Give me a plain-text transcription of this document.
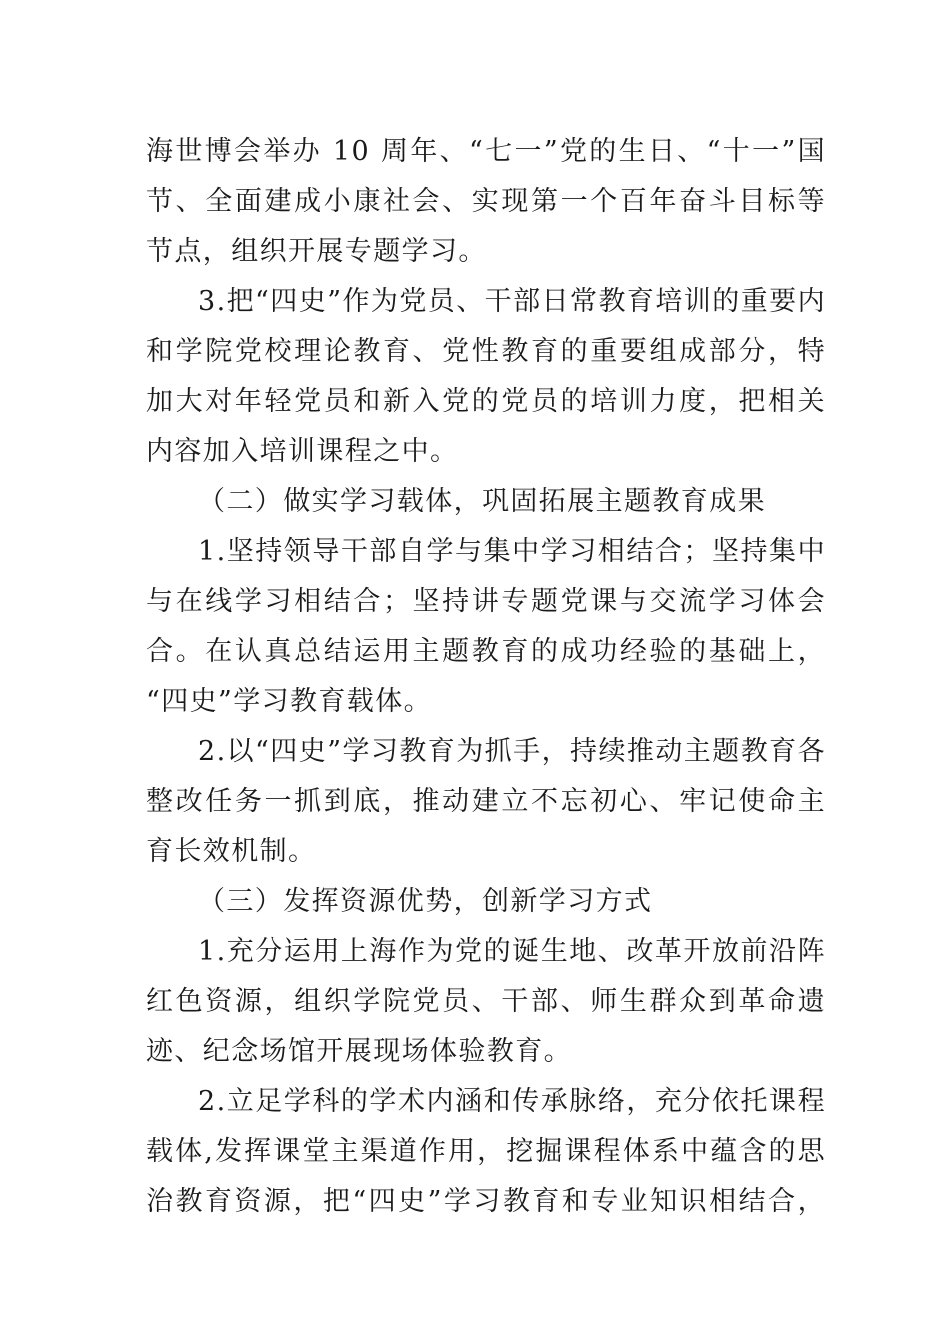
海世博会举办 10 周年、“七一”党的生日、“十一”国
节、全面建成小康社会、实现第一个百年奋斗目标等
节点，组织开展专题学习。
3.把“四史”作为党员、干部日常教育培训的重要内
和学院党校理论教育、党性教育的重要组成部分，特
加大对年轻党员和新入党的党员的培训力度，把相关
内容加入培训课程之中。
（二）做实学习载体，巩固拓展主题教育成果
1.坚持领导干部自学与集中学习相结合；坚持集中
与在线学习相结合；坚持讲专题党课与交流学习体会
合。在认真总结运用主题教育的成功经验的基础上，
“四史”学习教育载体。
2.以“四史”学习教育为抓手，持续推动主题教育各
整改任务一抓到底，推动建立不忘初心、牢记使命主
育长效机制。
（三）发挥资源优势，创新学习方式
1.充分运用上海作为党的诞生地、改革开放前沿阵
红色资源，组织学院党员、干部、师生群众到革命遗
迹、纪念场馆开展现场体验教育。
2.立足学科的学术内涵和传承脉络，充分依托课程
载体,发挥课堂主渠道作用，挖掘课程体系中蕴含的思
治教育资源，把“四史”学习教育和专业知识相结合，
